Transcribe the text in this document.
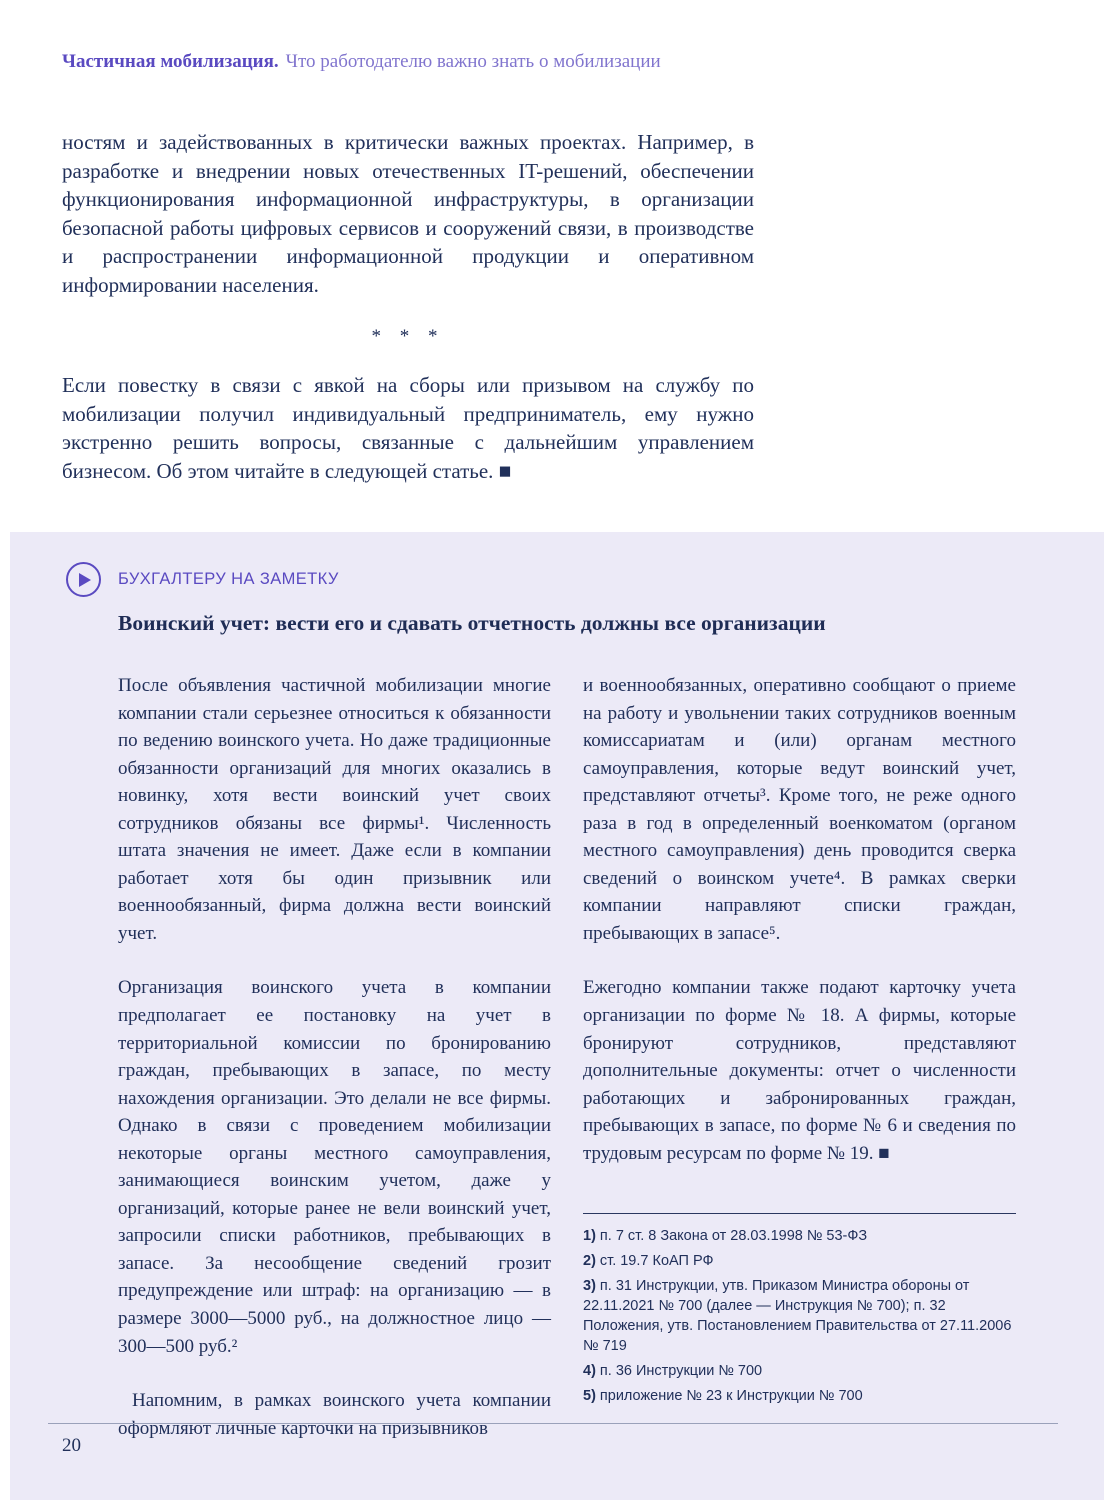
Частичная мобилизация. Что работодателю важно знать о мобилизации

ностям и задействованных в критически важных проектах. Например, в разработке и внедрении новых отечественных IT-решений, обеспечении функционирования информационной инфраструктуры, в организации безопасной работы цифровых сервисов и сооружений связи, в производстве и распространении информационной продукции и оперативном информировании населения.

* * *

Если повестку в связи с явкой на сборы или призывом на службу по мобилизации получил индивидуальный предприниматель, ему нужно экстренно решить вопросы, связанные с дальнейшим управлением бизнесом. Об этом читайте в следующей статье. ■

БУХГАЛТЕРУ НА ЗАМЕТКУ
Воинский учет: вести его и сдавать отчетность должны все организации

После объявления частичной мобилизации многие компании стали серьезнее относиться к обязанности по ведению воинского учета. Но даже традиционные обязанности организаций для многих оказались в новинку, хотя вести воинский учет своих сотрудников обязаны все фирмы¹. Численность штата значения не имеет. Даже если в компании работает хотя бы один призывник или военнообязанный, фирма должна вести воинский учет.

Организация воинского учета в компании предполагает ее постановку на учет в территориальной комиссии по бронированию граждан, пребывающих в запасе, по месту нахождения организации. Это делали не все фирмы. Однако в связи с проведением мобилизации некоторые органы местного самоуправления, занимающиеся воинским учетом, даже у организаций, которые ранее не вели воинский учет, запросили списки работников, пребывающих в запасе. За несообщение сведений грозит предупреждение или штраф: на организацию — в размере 3000—5000 руб., на должностное лицо — 300—500 руб.²

Напомним, в рамках воинского учета компании оформляют личные карточки на призывников

и военнообязанных, оперативно сообщают о приеме на работу и увольнении таких сотрудников военным комиссариатам и (или) органам местного самоуправления, которые ведут воинский учет, представляют отчеты³. Кроме того, не реже одного раза в год в определенный военкоматом (органом местного самоуправления) день проводится сверка сведений о воинском учете⁴. В рамках сверки компании направляют списки граждан, пребывающих в запасе⁵.

Ежегодно компании также подают карточку учета организации по форме № 18. А фирмы, которые бронируют сотрудников, представляют дополнительные документы: отчет о численности работающих и забронированных граждан, пребывающих в запасе, по форме № 6 и сведения по трудовым ресурсам по форме № 19. ■

1) п. 7 ст. 8 Закона от 28.03.1998 № 53-ФЗ
2) ст. 19.7 КоАП РФ
3) п. 31 Инструкции, утв. Приказом Министра обороны от 22.11.2021 № 700 (далее — Инструкция № 700); п. 32 Положения, утв. Постановлением Правительства от 27.11.2006 № 719
4) п. 36 Инструкции № 700
5) приложение № 23 к Инструкции № 700
20
